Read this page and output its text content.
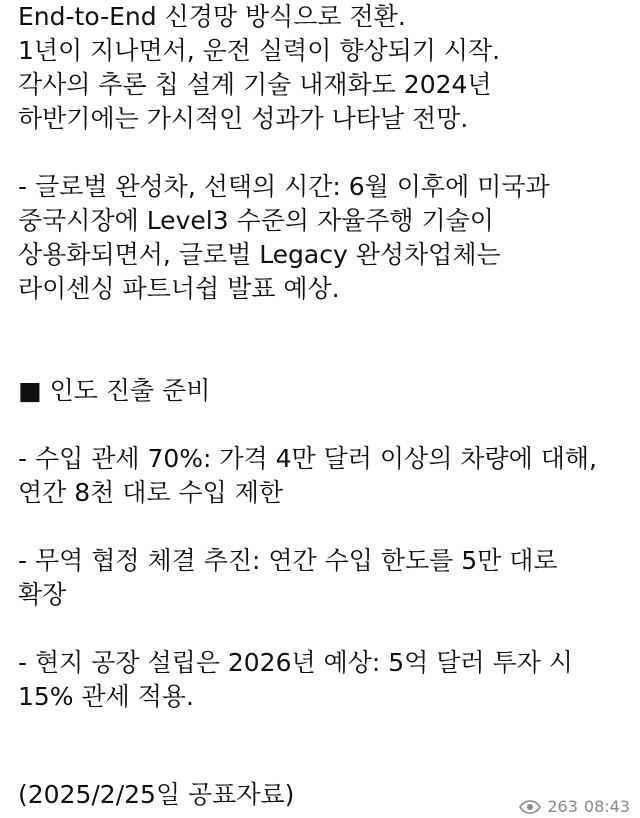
End-to-End 신경망 방식으로 전환.
1년이 지나면서, 운전 실력이 향상되기 시작.
각사의 추론 칩 설계 기술 내재화도 2024년
하반기에는 가시적인 성과가 나타날 전망.
- 글로벌 완성차, 선택의 시간: 6월 이후에 미국과
중국시장에 Level3 수준의 자율주행 기술이
상용화되면서, 글로벌 Legacy 완성차업체는
라이센싱 파트너쉽 발표 예상.
■ 인도 진출 준비
- 수입 관세 70%: 가격 4만 달러 이상의 차량에 대해,
연간 8천 대로 수입 제한
- 무역 협정 체결 추진: 연간 수입 한도를 5만 대로
확장
- 현지 공장 설립은 2026년 예상: 5억 달러 투자 시
15% 관세 적용.
(2025/2/25일 공표자료)	263 08:43
